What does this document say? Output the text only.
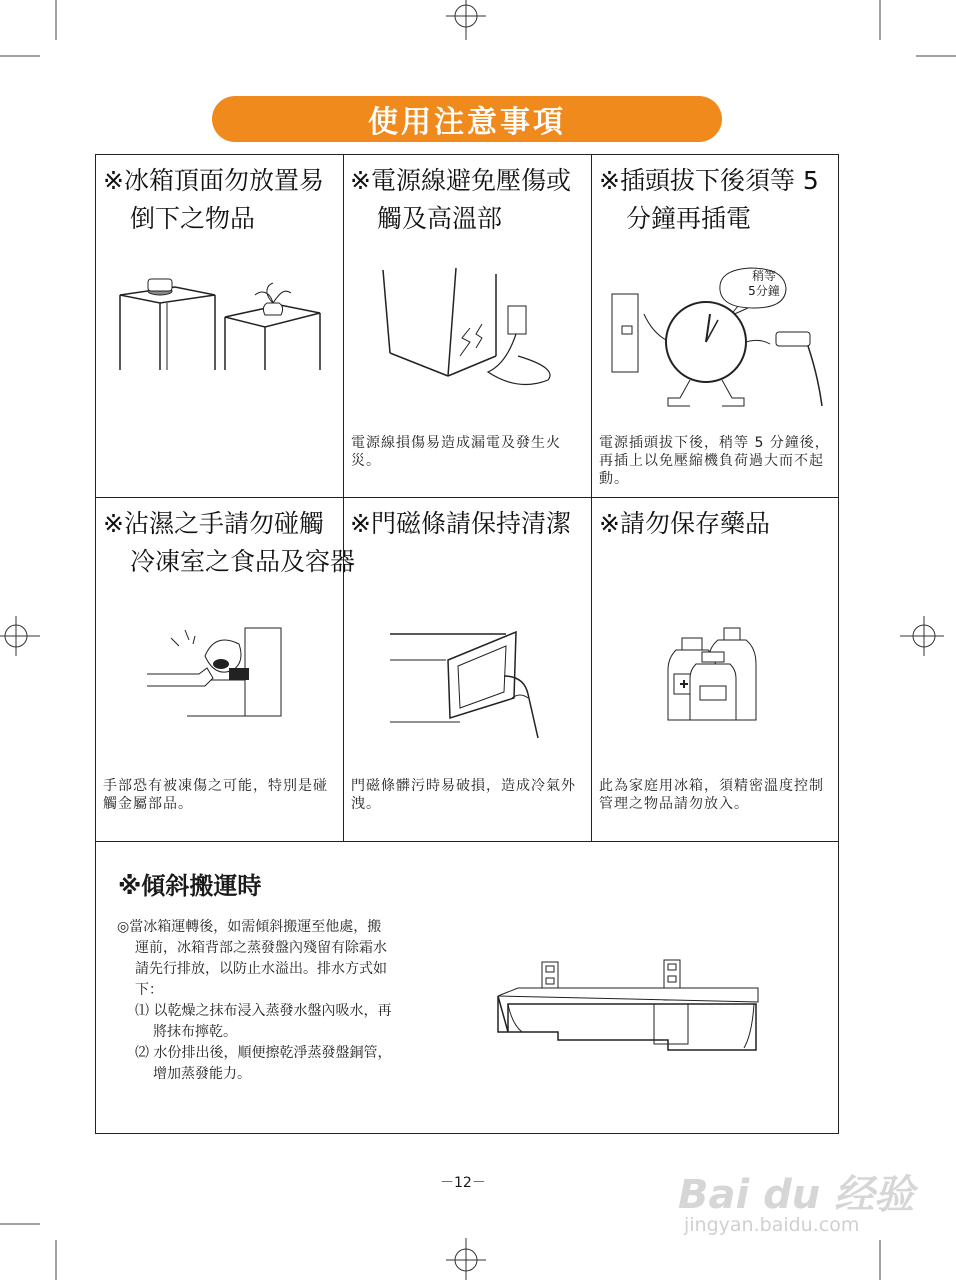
使用注意事項
※冰箱頂面勿放置易
倒下之物品
※電源線避免壓傷或
觸及高溫部
電源線損傷易造成漏電及發生火災。
※插頭拔下後須等 5
分鐘再插電
稍等
5分鐘
電源插頭拔下後，稍等 5 分鐘後，再插上以免壓縮機負荷過大而不起動。
※沾濕之手請勿碰觸
冷凍室之食品及容器
手部恐有被凍傷之可能，特別是碰觸金屬部品。
※門磁條請保持清潔
門磁條髒污時易破損，造成冷氣外洩。
※請勿保存藥品
此為家庭用冰箱，須精密溫度控制管理之物品請勿放入。
※傾斜搬運時
◎當冰箱運轉後，如需傾斜搬運至他處，搬
運前，冰箱背部之蒸發盤內殘留有除霜水
請先行排放，以防止水溢出。排水方式如
下：
⑴ 以乾燥之抹布浸入蒸發水盤內吸水，再
將抹布擰乾。
⑵ 水份排出後，順便擦乾淨蒸發盤銅管，
增加蒸發能力。
－12－	Bai du 经验
jingyan.baidu.com
